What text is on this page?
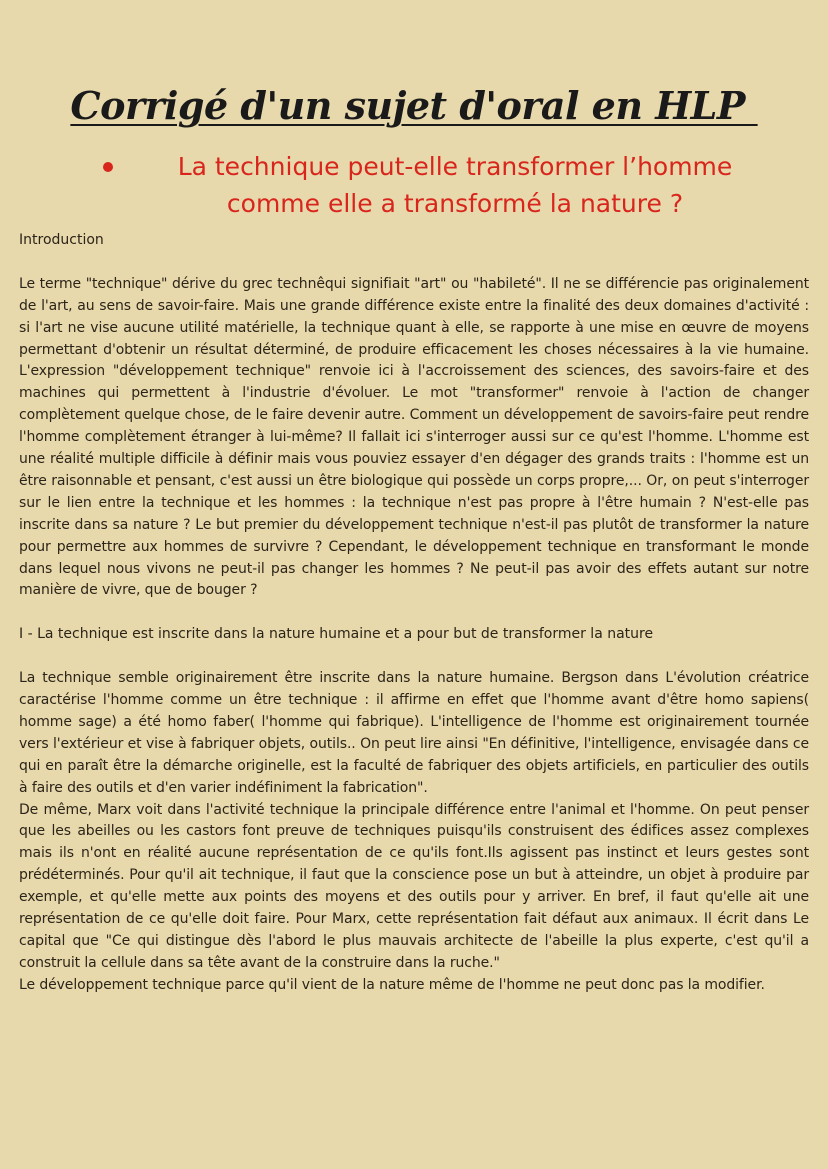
Corrigé d'un sujet d'oral en HLP
La technique peut-elle transformer l’homme comme elle a transformé la nature ?

Introduction

Le terme "technique" dérive du grec technêqui signifiait "art" ou "habileté". Il ne se différencie pas originalement de l'art, au sens de savoir-faire. Mais une grande différence existe entre la finalité des deux domaines d'activité : si l'art ne vise aucune utilité matérielle, la technique quant à elle, se rapporte à une mise en œuvre de moyens permettant d'obtenir un résultat déterminé, de produire efficacement les choses nécessaires à la vie humaine. L'expression "développement technique" renvoie ici à l'accroissement des sciences, des savoirs-faire et des machines qui permettent à l'industrie d'évoluer. Le mot "transformer" renvoie à l'action de changer complètement quelque chose, de le faire devenir autre. Comment un développement de savoirs-faire peut rendre l'homme complètement étranger à lui-même? Il fallait ici s'interroger aussi sur ce qu'est l'homme. L'homme est une réalité multiple difficile à définir mais vous pouviez essayer d'en dégager des grands traits : l'homme est un être raisonnable et pensant, c'est aussi un être biologique qui possède un corps propre,... Or, on peut s'interroger sur le lien entre la technique et les hommes : la technique n'est pas propre à l'être humain ? N'est-elle pas inscrite dans sa nature ? Le but premier du développement technique n'est-il pas plutôt de transformer la nature pour permettre aux hommes de survivre ? Cependant, le développement technique en transformant le monde dans lequel nous vivons ne peut-il pas changer les hommes ? Ne peut-il pas avoir des effets autant sur notre manière de vivre, que de bouger ?

I - La technique est inscrite dans la nature humaine et a pour but de transformer la nature

La technique semble originairement être inscrite dans la nature humaine. Bergson dans L'évolution créatrice caractérise l'homme comme un être technique : il affirme en effet que l'homme avant d'être homo sapiens( homme sage) a été homo faber( l'homme qui fabrique). L'intelligence de l'homme est originairement tournée vers l'extérieur et vise à fabriquer objets, outils.. On peut lire ainsi "En définitive, l'intelligence, envisagée dans ce qui en paraît être la démarche originelle, est la faculté de fabriquer des objets artificiels, en particulier des outils à faire des outils et d'en varier indéfiniment la fabrication".

De même, Marx voit dans l'activité technique la principale différence entre l'animal et l'homme. On peut penser que les abeilles ou les castors font preuve de techniques puisqu'ils construisent des édifices assez complexes mais ils n'ont en réalité aucune représentation de ce qu'ils font.Ils agissent pas instinct et leurs gestes sont prédéterminés. Pour qu'il ait technique, il faut que la conscience pose un but à atteindre, un objet à produire par exemple, et qu'elle mette aux points des moyens et des outils pour y arriver. En bref, il faut qu'elle ait une représentation de ce qu'elle doit faire. Pour Marx, cette représentation fait défaut aux animaux. Il écrit dans Le capital que "Ce qui distingue dès l'abord le plus mauvais architecte de l'abeille la plus experte, c'est qu'il a construit la cellule dans sa tête avant de la construire dans la ruche."

Le développement technique parce qu'il vient de la nature même de l'homme ne peut donc pas la modifier.
